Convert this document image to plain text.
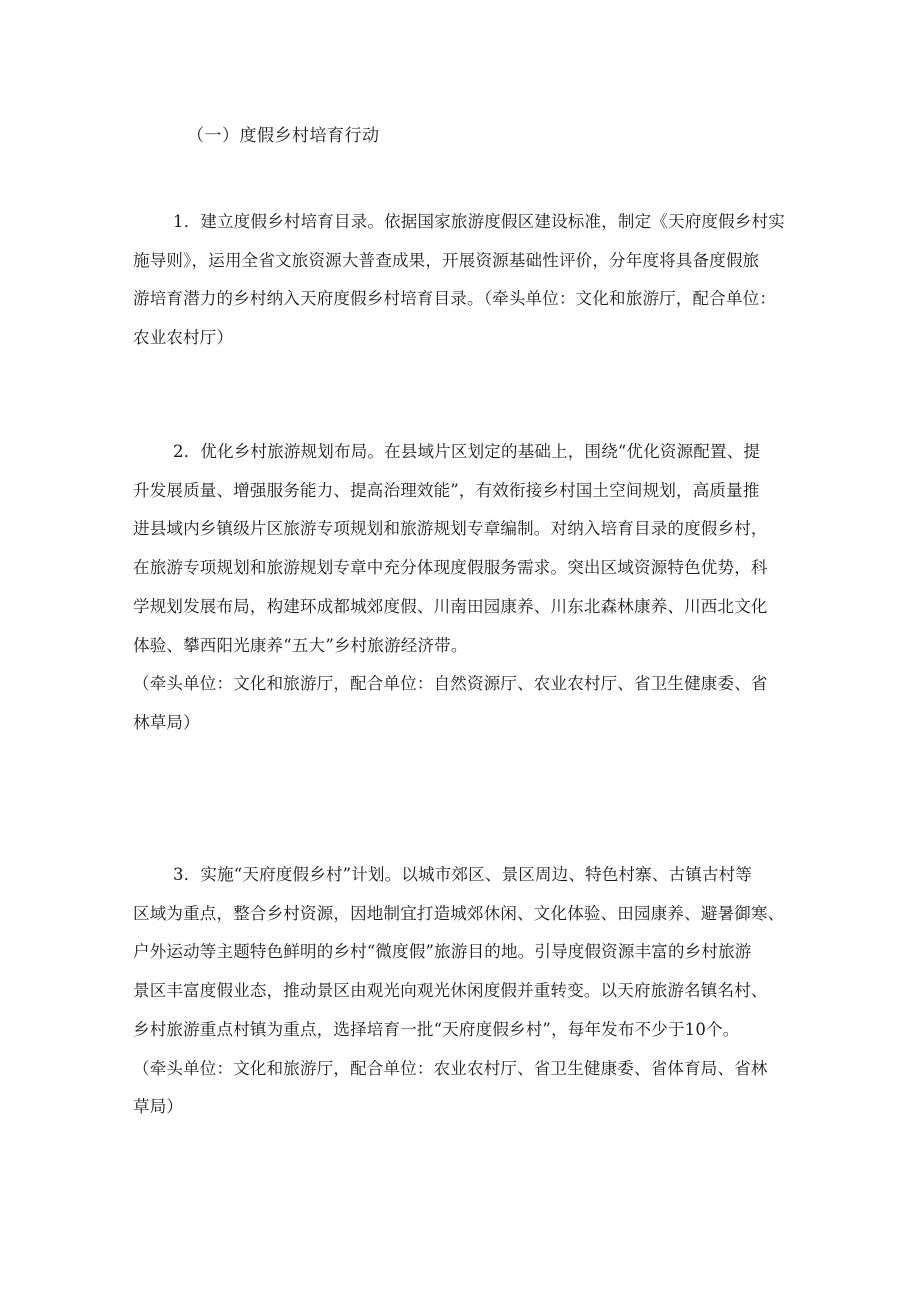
（一）度假乡村培育行动
1．建立度假乡村培育目录。依据国家旅游度假区建设标准，制定《天府度假乡村实
施导则》，运用全省文旅资源大普查成果，开展资源基础性评价，分年度将具备度假旅
游培育潜力的乡村纳入天府度假乡村培育目录。（牵头单位：文化和旅游厅，配合单位：
农业农村厅）
2．优化乡村旅游规划布局。在县域片区划定的基础上，围绕“优化资源配置、提
升发展质量、增强服务能力、提高治理效能”，有效衔接乡村国土空间规划，高质量推
进县域内乡镇级片区旅游专项规划和旅游规划专章编制。对纳入培育目录的度假乡村，
在旅游专项规划和旅游规划专章中充分体现度假服务需求。突出区域资源特色优势，科
学规划发展布局，构建环成都城郊度假、川南田园康养、川东北森林康养、川西北文化
体验、攀西阳光康养“五大”乡村旅游经济带。
（牵头单位：文化和旅游厅，配合单位：自然资源厅、农业农村厅、省卫生健康委、省
林草局）
3．实施“天府度假乡村”计划。以城市郊区、景区周边、特色村寨、古镇古村等
区域为重点，整合乡村资源，因地制宜打造城郊休闲、文化体验、田园康养、避暑御寒、
户外运动等主题特色鲜明的乡村“微度假”旅游目的地。引导度假资源丰富的乡村旅游
景区丰富度假业态，推动景区由观光向观光休闲度假并重转变。以天府旅游名镇名村、
乡村旅游重点村镇为重点，选择培育一批“天府度假乡村”，每年发布不少于10个。
（牵头单位：文化和旅游厅，配合单位：农业农村厅、省卫生健康委、省体育局、省林
草局）
